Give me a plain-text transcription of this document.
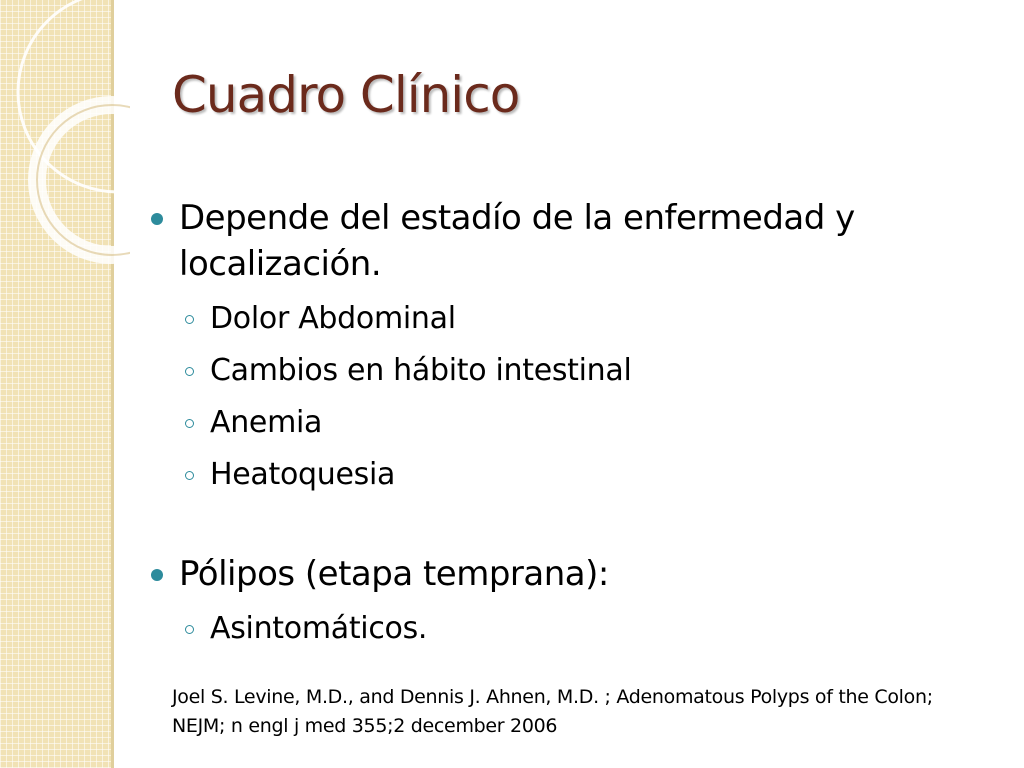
Cuadro Clínico
Depende del estadío de la enfermedad y localización.
Dolor Abdominal
Cambios en hábito intestinal
Anemia
Heatoquesia
Pólipos (etapa temprana):
Asintomáticos.
Joel S. Levine, M.D., and Dennis J. Ahnen, M.D. ; Adenomatous Polyps of the Colon; NEJM; n engl j med 355;2 december 2006
